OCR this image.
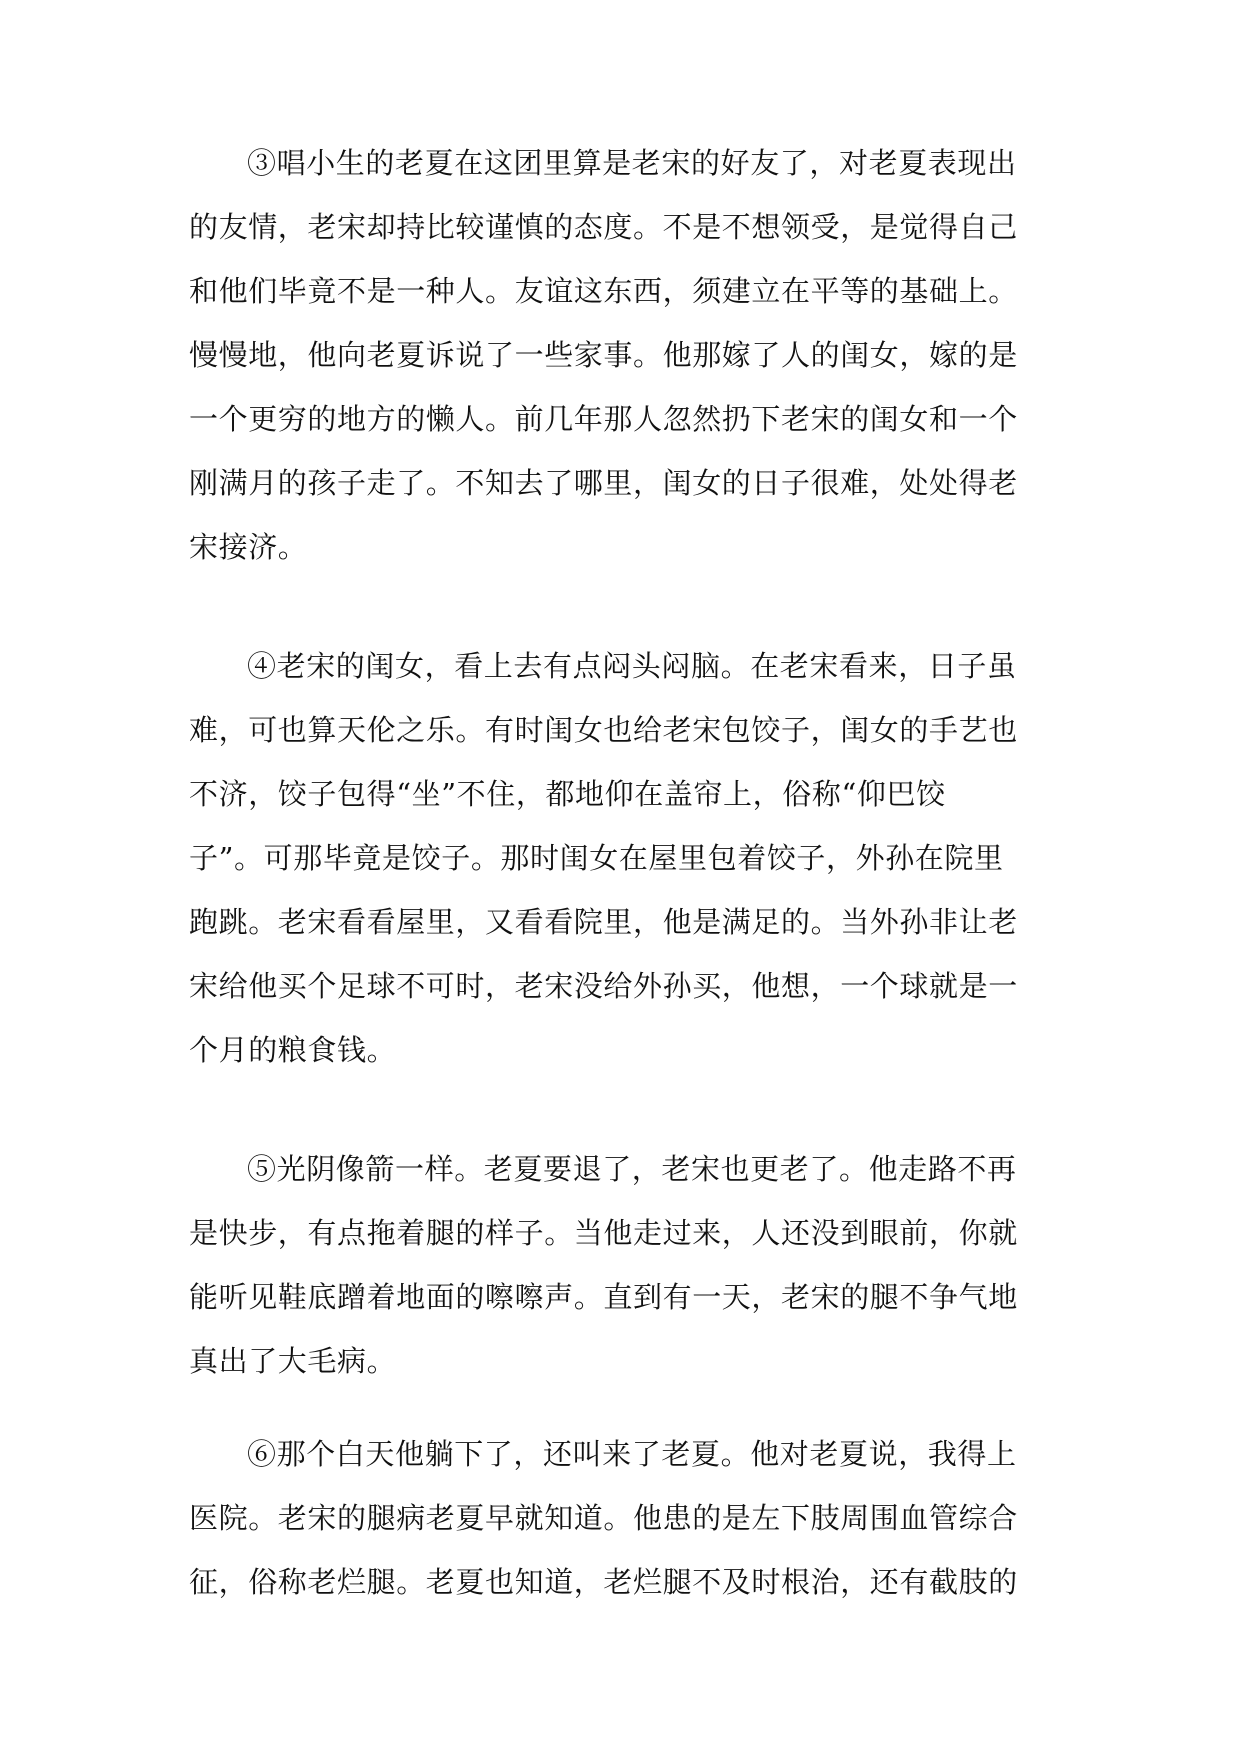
③唱小生的老夏在这团里算是老宋的好友了，对老夏表现出
的友情，老宋却持比较谨慎的态度。不是不想领受，是觉得自己
和他们毕竟不是一种人。友谊这东西，须建立在平等的基础上。
慢慢地，他向老夏诉说了一些家事。他那嫁了人的闺女，嫁的是
一个更穷的地方的懒人。前几年那人忽然扔下老宋的闺女和一个
刚满月的孩子走了。不知去了哪里，闺女的日子很难，处处得老
宋接济。

④老宋的闺女，看上去有点闷头闷脑。在老宋看来，日子虽
难，可也算天伦之乐。有时闺女也给老宋包饺子，闺女的手艺也
不济，饺子包得“坐”不住，都地仰在盖帘上，俗称“仰巴饺
子”。可那毕竟是饺子。那时闺女在屋里包着饺子，外孙在院里
跑跳。老宋看看屋里，又看看院里，他是满足的。当外孙非让老
宋给他买个足球不可时，老宋没给外孙买，他想，一个球就是一
个月的粮食钱。

⑤光阴像箭一样。老夏要退了，老宋也更老了。他走路不再
是快步，有点拖着腿的样子。当他走过来，人还没到眼前，你就
能听见鞋底蹭着地面的嚓嚓声。直到有一天，老宋的腿不争气地
真出了大毛病。

⑥那个白天他躺下了，还叫来了老夏。他对老夏说，我得上
医院。老宋的腿病老夏早就知道。他患的是左下肢周围血管综合
征，俗称老烂腿。老夏也知道，老烂腿不及时根治，还有截肢的
